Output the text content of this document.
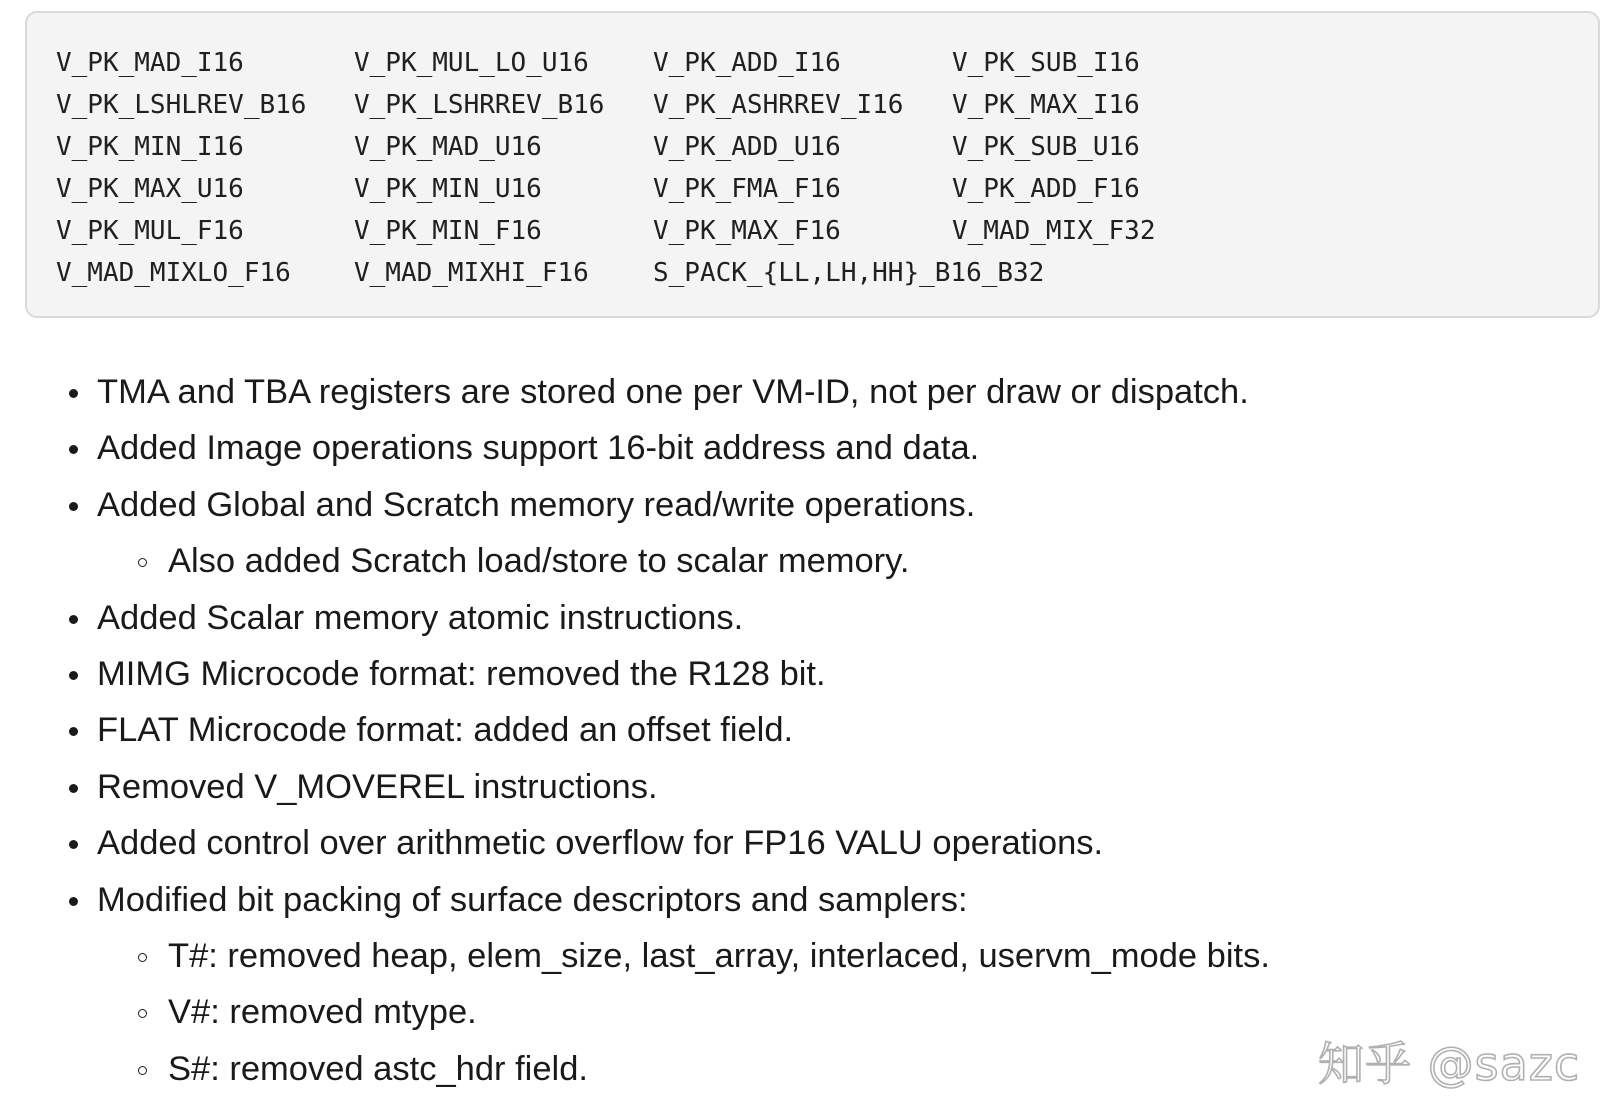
V_PK_MAD_I16	V_PK_MUL_LO_U16	V_PK_ADD_I16	V_PK_SUB_I16
V_PK_LSHLREV_B16	V_PK_LSHRREV_B16	V_PK_ASHRREV_I16	V_PK_MAX_I16
V_PK_MIN_I16	V_PK_MAD_U16	V_PK_ADD_U16	V_PK_SUB_U16
V_PK_MAX_U16	V_PK_MIN_U16	V_PK_FMA_F16	V_PK_ADD_F16
V_PK_MUL_F16	V_PK_MIN_F16	V_PK_MAX_F16	V_MAD_MIX_F32
V_MAD_MIXLO_F16	V_MAD_MIXHI_F16	S_PACK_{LL,LH,HH}_B16_B32
TMA and TBA registers are stored one per VM-ID, not per draw or dispatch.
Added Image operations support 16-bit address and data.
Added Global and Scratch memory read/write operations.
Also added Scratch load/store to scalar memory.
Added Scalar memory atomic instructions.
MIMG Microcode format: removed the R128 bit.
FLAT Microcode format: added an offset field.
Removed V_MOVEREL instructions.
Added control over arithmetic overflow for FP16 VALU operations.
Modified bit packing of surface descriptors and samplers:
T#: removed heap, elem_size, last_array, interlaced, uservm_mode bits.
V#: removed mtype.
S#: removed astc_hdr field.	知乎 @sazc
